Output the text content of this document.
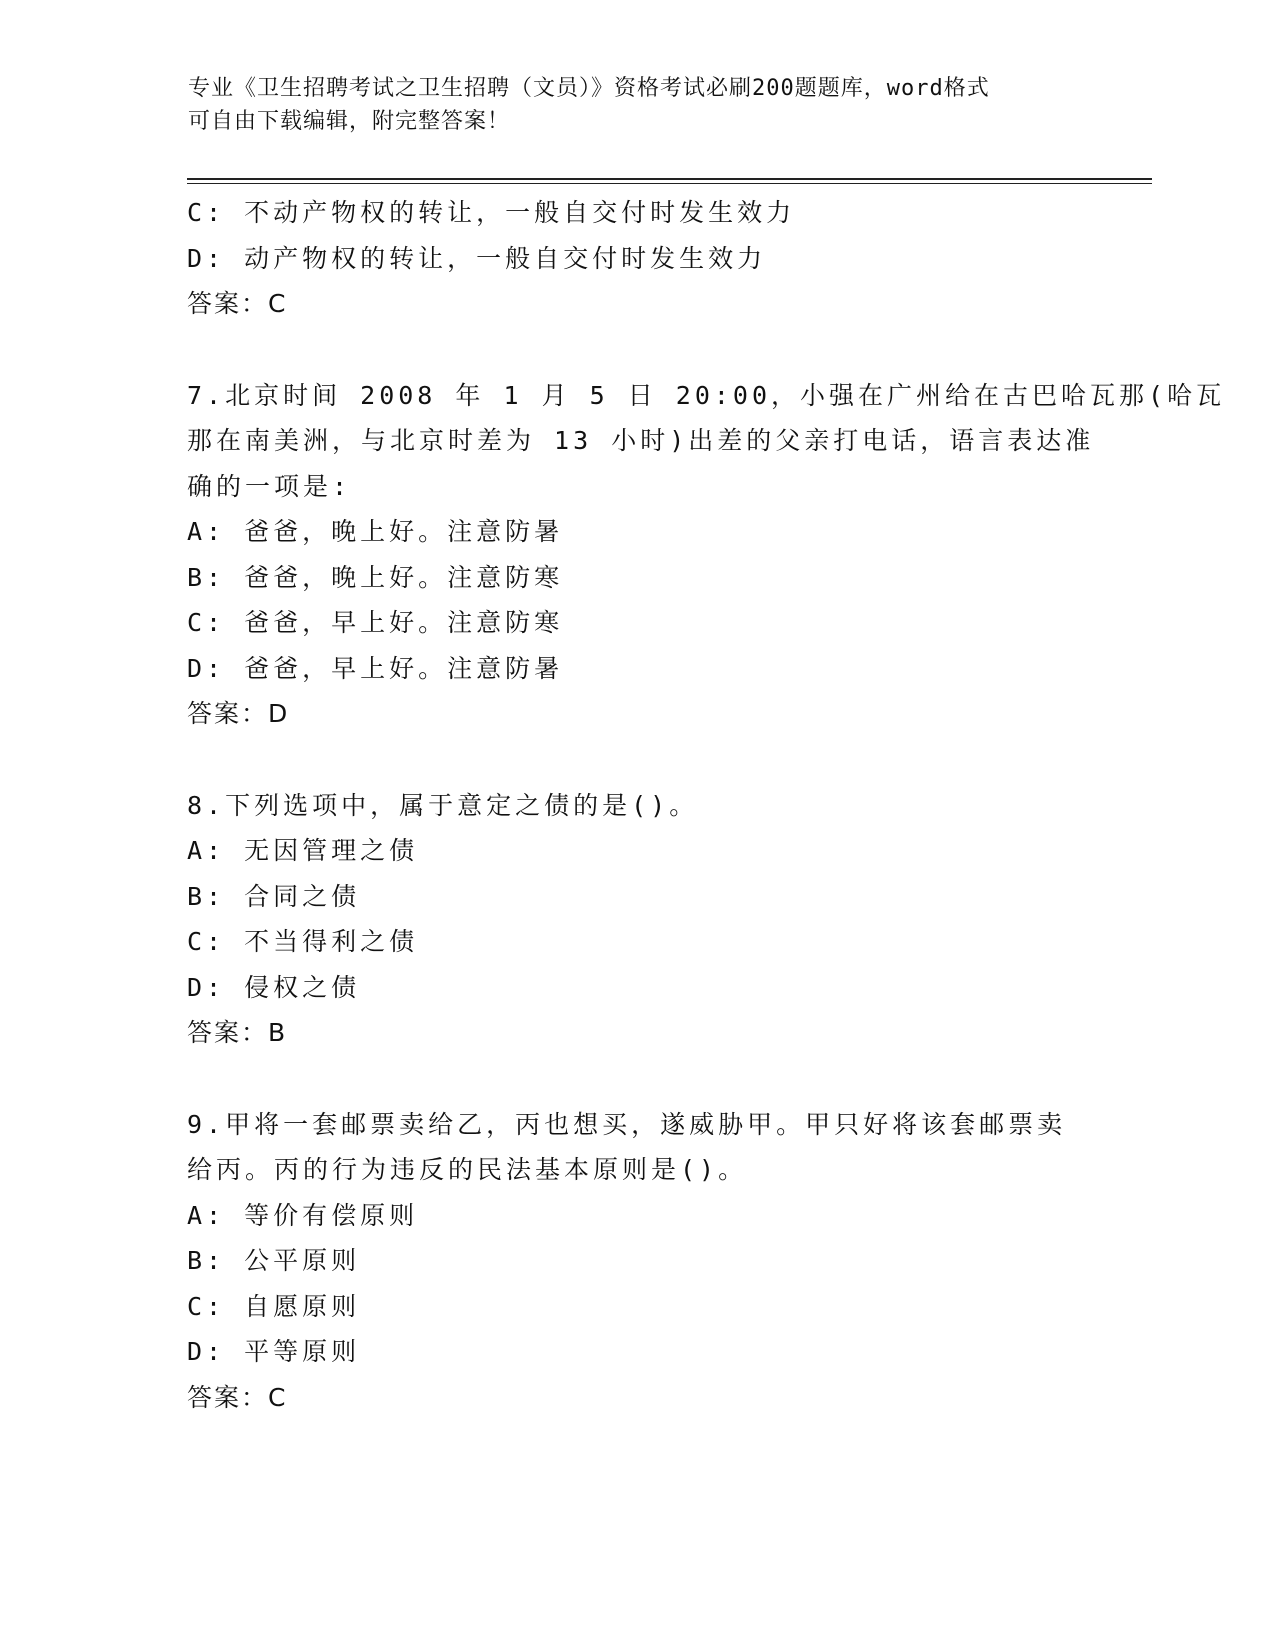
专业《卫生招聘考试之卫生招聘（文员）》资格考试必刷200题题库，word格式
可自由下载编辑，附完整答案！
C: 不动产物权的转让，一般自交付时发生效力
D: 动产物权的转让，一般自交付时发生效力
答案：C
7.北京时间 2008 年 1 月 5 日 20:00，小强在广州给在古巴哈瓦那(哈瓦
那在南美洲，与北京时差为 13 小时)出差的父亲打电话，语言表达准
确的一项是:
A: 爸爸，晚上好。注意防暑
B: 爸爸，晚上好。注意防寒
C: 爸爸，早上好。注意防寒
D: 爸爸，早上好。注意防暑
答案：D
8.下列选项中，属于意定之债的是()。
A: 无因管理之债
B: 合同之债
C: 不当得利之债
D: 侵权之债
答案：B
9.甲将一套邮票卖给乙，丙也想买，遂威胁甲。甲只好将该套邮票卖
给丙。丙的行为违反的民法基本原则是()。
A: 等价有偿原则
B: 公平原则
C: 自愿原则
D: 平等原则
答案：C
